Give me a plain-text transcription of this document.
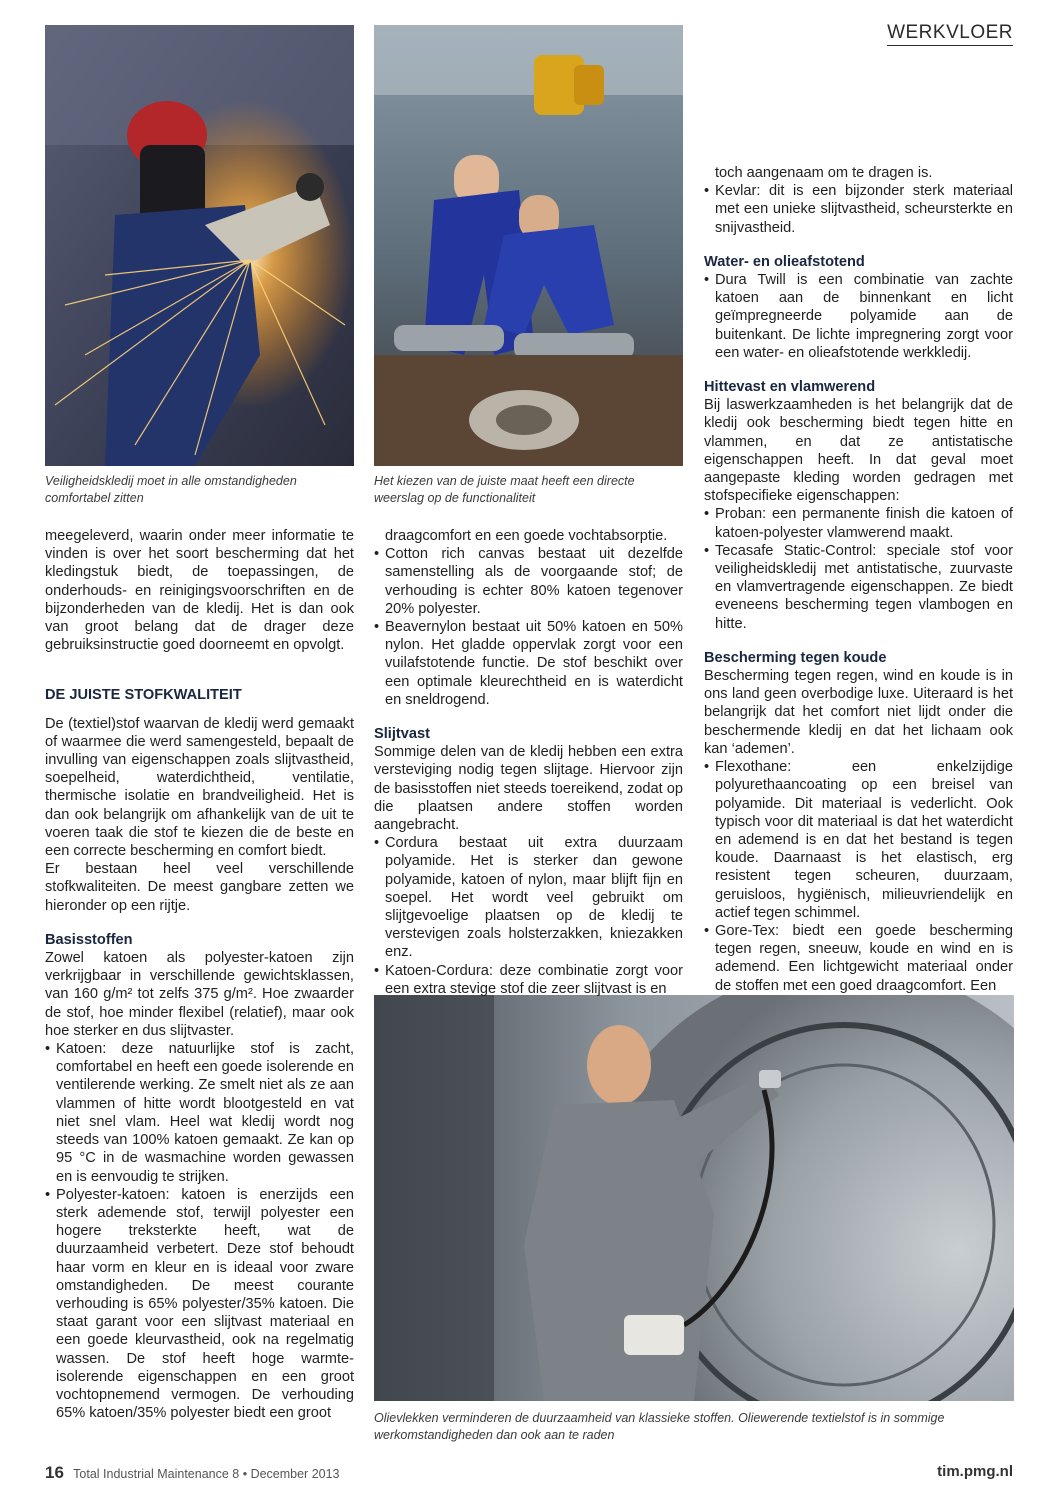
WERKVLOER
Veiligheidskledij moet in alle omstandigheden comfortabel zitten
Het kiezen van de juiste maat heeft een directe weerslag op de functionaliteit
Olievlekken verminderen de duurzaamheid van klassieke stoffen. Oliewerende textielstof is in sommige werkomstandigheden dan ook aan te raden

meegeleverd, waarin onder meer informatie te vinden is over het soort bescherming dat het kledingstuk biedt, de toepassingen, de onderhouds- en reinigingsvoorschriften en de bijzonderheden van de kledij. Het is dan ook van groot belang dat de drager deze gebruiksinstructie goed doorneemt en opvolgt.

DE JUISTE STOFKWALITEIT

De (textiel)stof waarvan de kledij werd gemaakt of waarmee die werd samengesteld, bepaalt de invulling van eigenschappen zoals slijtvastheid, soepelheid, waterdichtheid, ventilatie, thermische isolatie en brandveiligheid. Het is dan ook belangrijk om afhankelijk van de uit te voeren taak die stof te kiezen die de beste en een correcte bescherming en comfort biedt.

Er bestaan heel veel verschillende stofkwaliteiten. De meest gangbare zetten we hieronder op een rijtje.

Basisstoffen

Zowel katoen als polyester-katoen zijn verkrijgbaar in verschillende gewichtsklassen, van 160 g/m² tot zelfs 375 g/m². Hoe zwaarder de stof, hoe minder flexibel (relatief), maar ook hoe sterker en dus slijtvaster.

• Katoen: deze natuurlijke stof is zacht, comfortabel en heeft een goede isolerende en ventilerende werking. Ze smelt niet als ze aan vlammen of hitte wordt blootgesteld en vat niet snel vlam. Heel wat kledij wordt nog steeds van 100% katoen gemaakt. Ze kan op 95 °C in de wasmachine worden gewassen en is eenvoudig te strijken.

• Polyester-katoen: katoen is enerzijds een sterk ademende stof, terwijl polyester een hogere treksterkte heeft, wat de duurzaamheid verbetert. Deze stof behoudt haar vorm en kleur en is ideaal voor zware omstandigheden. De meest courante verhouding is 65% polyester/35% katoen. Die staat garant voor een slijtvast materiaal en een goede kleurvastheid, ook na regelmatig wassen. De stof heeft hoge warmte-isolerende eigenschappen en een groot vochtopnemend vermogen. De verhouding 65% katoen/35% polyester biedt een groot

draagcomfort en een goede vochtabsorptie.

• Cotton rich canvas bestaat uit dezelfde samenstelling als de voorgaande stof; de verhouding is echter 80% katoen tegenover 20% polyester.

• Beavernylon bestaat uit 50% katoen en 50% nylon. Het gladde oppervlak zorgt voor een vuilafstotende functie. De stof beschikt over een optimale kleurechtheid en is waterdicht en sneldrogend.

Slijtvast

Sommige delen van de kledij hebben een extra versteviging nodig tegen slijtage. Hiervoor zijn de basisstoffen niet steeds toereikend, zodat op die plaatsen andere stoffen worden aangebracht.

• Cordura bestaat uit extra duurzaam polyamide. Het is sterker dan gewone polyamide, katoen of nylon, maar blijft fijn en soepel. Het wordt veel gebruikt om slijtgevoelige plaatsen op de kledij te verstevigen zoals holsterzakken, kniezakken enz.

• Katoen-Cordura: deze combinatie zorgt voor een extra stevige stof die zeer slijtvast is en

toch aangenaam om te dragen is.

• Kevlar: dit is een bijzonder sterk materiaal met een unieke slijtvastheid, scheursterkte en snijvastheid.

Water- en olieafstotend

• Dura Twill is een combinatie van zachte katoen aan de binnenkant en licht geïmpregneerde polyamide aan de buitenkant. De lichte impregnering zorgt voor een water- en olieafstotende werkkledij.

Hittevast en vlamwerend

Bij laswerkzaamheden is het belangrijk dat de kledij ook bescherming biedt tegen hitte en vlammen, en dat ze antistatische eigenschappen heeft. In dat geval moet aangepaste kleding worden gedragen met stofspecifieke eigenschappen:

• Proban: een permanente finish die katoen of katoen-polyester vlamwerend maakt.

• Tecasafe Static-Control: speciale stof voor veiligheidskledij met antistatische, zuurvaste en vlamvertragende eigenschappen. Ze biedt eveneens bescherming tegen vlambogen en hitte.

Bescherming tegen koude

Bescherming tegen regen, wind en koude is in ons land geen overbodige luxe. Uiteraard is het belangrijk dat het comfort niet lijdt onder die beschermende kledij en dat het lichaam ook kan ‘ademen’.

• Flexothane: een enkelzijdige polyurethaancoating op een breisel van polyamide. Dit materiaal is vederlicht. Ook typisch voor dit materiaal is dat het waterdicht en ademend is en dat het bestand is tegen koude. Daarnaast is het elastisch, erg resistent tegen scheuren, duurzaam, geruisloos, hygiënisch, milieuvriendelijk en actief tegen schimmel.

• Gore-Tex: biedt een goede bescherming tegen regen, sneeuw, koude en wind en is ademend. Een lichtgewicht materiaal onder de stoffen met een goed draagcomfort. Een

16 Total Industrial Maintenance 8 • December 2013	tim.pmg.nl
